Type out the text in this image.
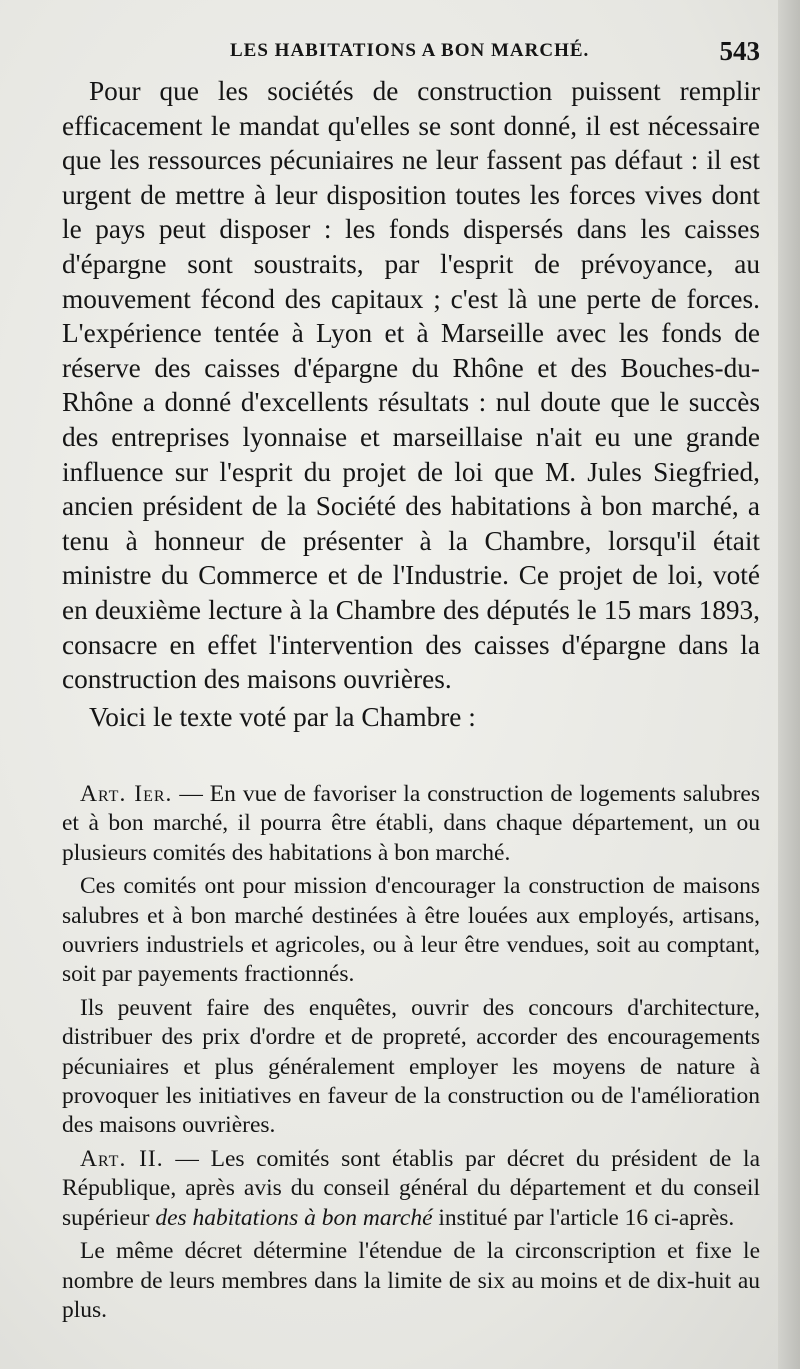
LES HABITATIONS A BON MARCHÉ.	543

Pour que les sociétés de construction puissent remplir efficacement le mandat qu'elles se sont donné, il est nécessaire que les ressources pécuniaires ne leur fassent pas défaut : il est urgent de mettre à leur disposition toutes les forces vives dont le pays peut disposer : les fonds dispersés dans les caisses d'épargne sont soustraits, par l'esprit de prévoyance, au mouvement fécond des capitaux ; c'est là une perte de forces. L'expérience tentée à Lyon et à Marseille avec les fonds de réserve des caisses d'épargne du Rhône et des Bouches-du-Rhône a donné d'excellents résultats : nul doute que le succès des entreprises lyonnaise et marseillaise n'ait eu une grande influence sur l'esprit du projet de loi que M. Jules Siegfried, ancien président de la Société des habitations à bon marché, a tenu à honneur de présenter à la Chambre, lorsqu'il était ministre du Commerce et de l'Industrie. Ce projet de loi, voté en deuxième lecture à la Chambre des députés le 15 mars 1893, consacre en effet l'intervention des caisses d'épargne dans la construction des maisons ouvrières.

Voici le texte voté par la Chambre :

Art. Ier. — En vue de favoriser la construction de logements salubres et à bon marché, il pourra être établi, dans chaque département, un ou plusieurs comités des habitations à bon marché.

Ces comités ont pour mission d'encourager la construction de maisons salubres et à bon marché destinées à être louées aux employés, artisans, ouvriers industriels et agricoles, ou à leur être vendues, soit au comptant, soit par payements fractionnés.

Ils peuvent faire des enquêtes, ouvrir des concours d'architecture, distribuer des prix d'ordre et de propreté, accorder des encouragements pécuniaires et plus généralement employer les moyens de nature à provoquer les initiatives en faveur de la construction ou de l'amélioration des maisons ouvrières.

Art. II. — Les comités sont établis par décret du président de la République, après avis du conseil général du département et du conseil supérieur des habitations à bon marché institué par l'article 16 ci-après.

Le même décret détermine l'étendue de la circonscription et fixe le nombre de leurs membres dans la limite de six au moins et de dix-huit au plus.
